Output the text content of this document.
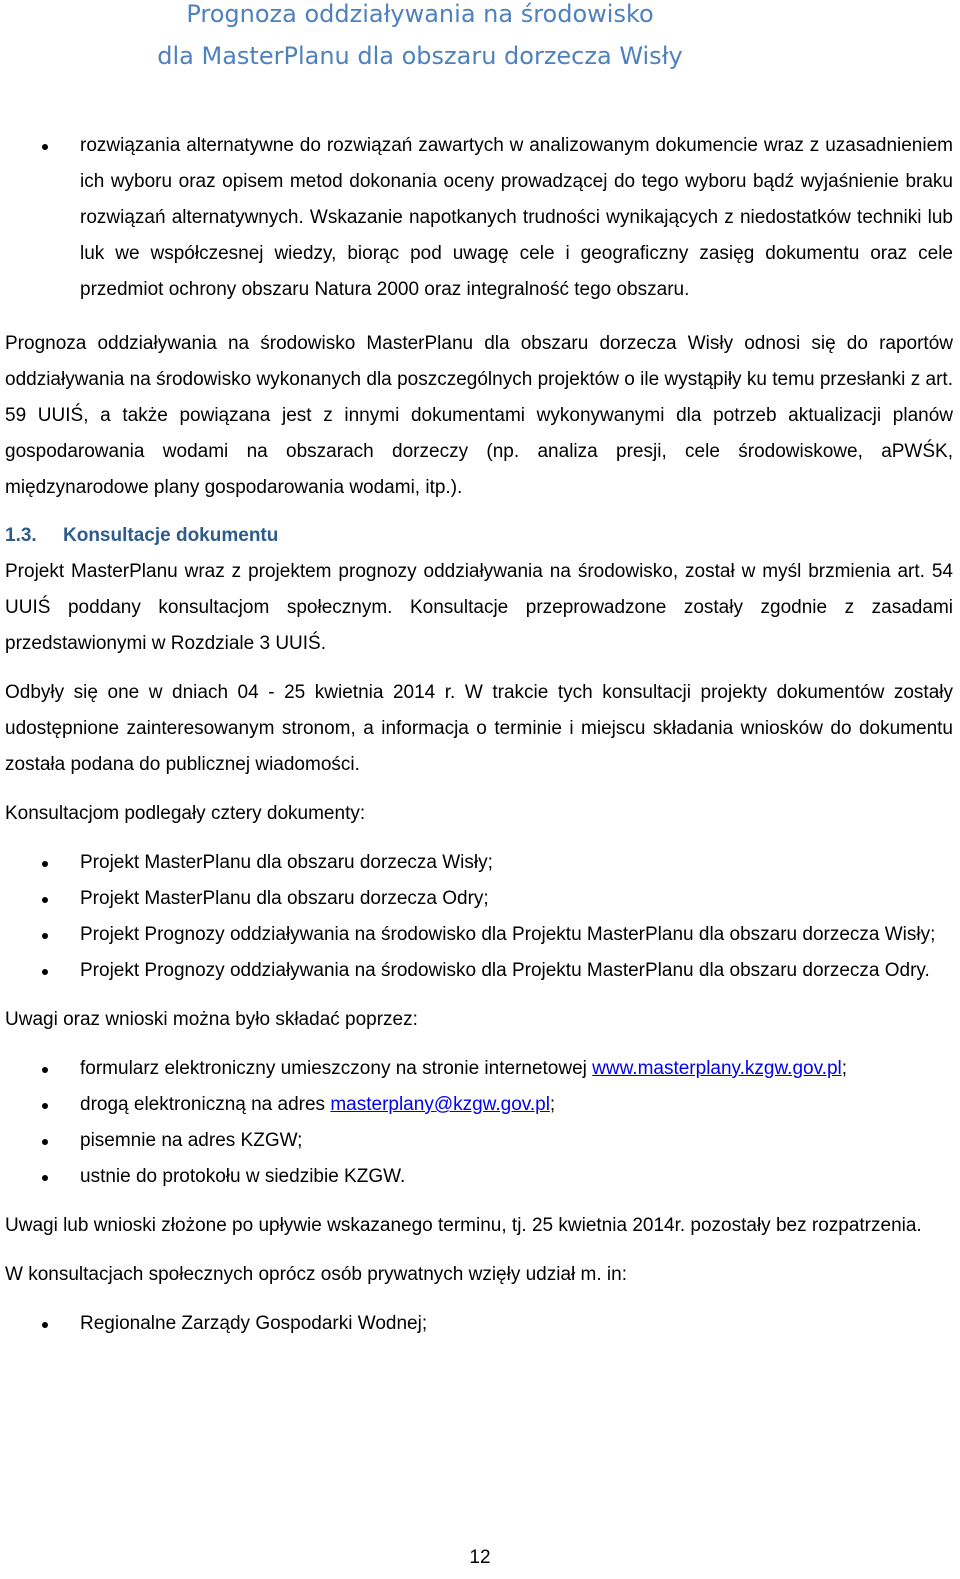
Prognoza oddziaływania na środowisko
dla MasterPlanu dla obszaru dorzecza Wisły
rozwiązania alternatywne do rozwiązań zawartych w analizowanym dokumencie wraz z uzasadnieniem ich wyboru oraz opisem metod dokonania oceny prowadzącej do tego wyboru bądź wyjaśnienie braku rozwiązań alternatywnych. Wskazanie napotkanych trudności wynikających z niedostatków techniki lub luk we współczesnej wiedzy, biorąc pod uwagę cele i geograficzny zasięg dokumentu oraz cele przedmiot ochrony obszaru Natura 2000 oraz integralność tego obszaru.

Prognoza oddziaływania na środowisko MasterPlanu dla obszaru dorzecza Wisły odnosi się do raportów oddziaływania na środowisko wykonanych dla poszczególnych projektów o ile wystąpiły ku temu przesłanki z art. 59 UUIŚ, a także powiązana jest z innymi dokumentami wykonywanymi dla potrzeb aktualizacji planów gospodarowania wodami na obszarach dorzeczy (np. analiza presji, cele środowiskowe, aPWŚK, międzynarodowe plany gospodarowania wodami, itp.).

1.3. Konsultacje dokumentu

Projekt MasterPlanu wraz z projektem prognozy oddziaływania na środowisko, został w myśl brzmienia art. 54 UUIŚ poddany konsultacjom społecznym. Konsultacje przeprowadzone zostały zgodnie z zasadami przedstawionymi w Rozdziale 3 UUIŚ.

Odbyły się one w dniach 04 - 25 kwietnia 2014 r. W trakcie tych konsultacji projekty dokumentów zostały udostępnione zainteresowanym stronom, a informacja o terminie i miejscu składania wniosków do dokumentu została podana do publicznej wiadomości.

Konsultacjom podlegały cztery dokumenty:

Projekt MasterPlanu dla obszaru dorzecza Wisły;
Projekt MasterPlanu dla obszaru dorzecza Odry;
Projekt Prognozy oddziaływania na środowisko dla Projektu MasterPlanu dla obszaru dorzecza Wisły;
Projekt Prognozy oddziaływania na środowisko dla Projektu MasterPlanu dla obszaru dorzecza Odry.

Uwagi oraz wnioski można było składać poprzez:

formularz elektroniczny umieszczony na stronie internetowej www.masterplany.kzgw.gov.pl;
drogą elektroniczną na adres masterplany@kzgw.gov.pl;
pisemnie na adres KZGW;
ustnie do protokołu w siedzibie KZGW.

Uwagi lub wnioski złożone po upływie wskazanego terminu, tj. 25 kwietnia 2014r. pozostały bez rozpatrzenia.

W konsultacjach społecznych oprócz osób prywatnych wzięły udział m. in:

Regionalne Zarządy Gospodarki Wodnej;
12
